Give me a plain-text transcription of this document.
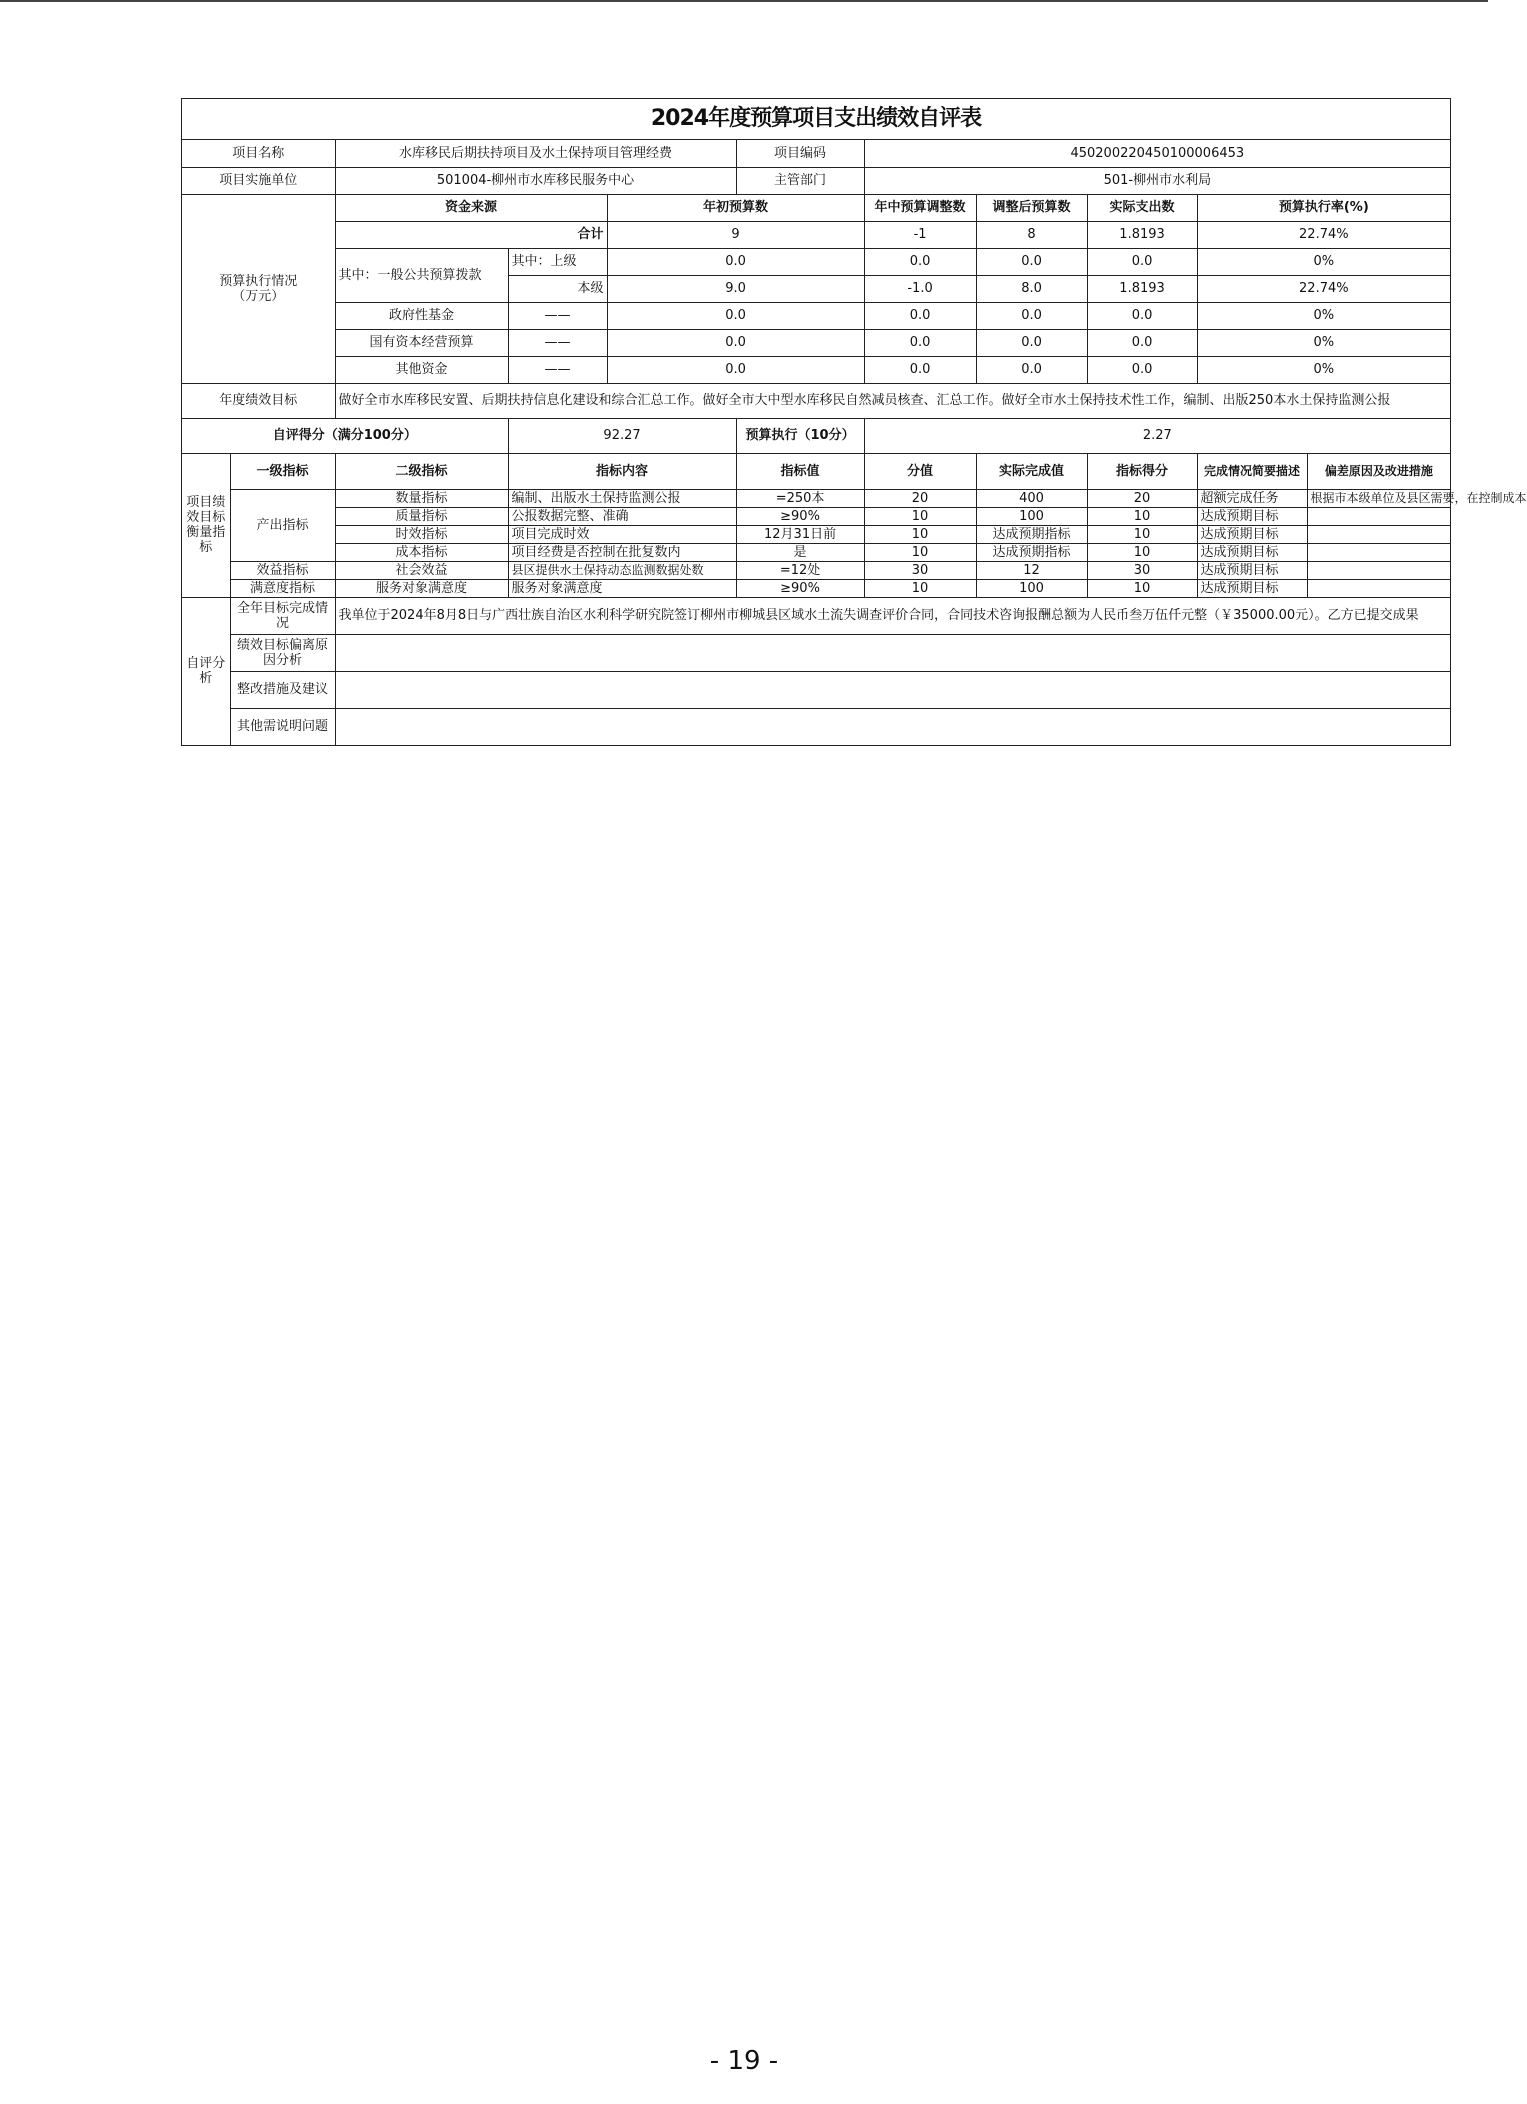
2024年度预算项目支出绩效自评表
项目名称		水库移民后期扶持项目及水土保持项目管理经费			项目编码	450200220450100006453				
项目实施单位		501004-柳州市水库移民服务中心			主管部门	501-柳州市水利局				
预算执行情况
（万元）		资金来源		年初预算数		年中预算调整数	调整后预算数	实际支出数	预算执行率(%)	
		合计		9		-1	8	1.8193	22.74%	
		其中：一般公共预算拨款	其中：上级	0.0		0.0	0.0	0.0	0%	
			本级	9.0		-1.0	8.0	1.8193	22.74%	
		政府性基金	——	0.0		0.0	0.0	0.0	0%	
		国有资本经营预算	——	0.0		0.0	0.0	0.0	0%	
		其他资金	——	0.0		0.0	0.0	0.0	0%	
年度绩效目标		做好全市水库移民安置、后期扶持信息化建设和综合汇总工作。做好全市大中型水库移民自然减员核查、汇总工作。做好全市水土保持技术性工作，编制、出版250本水土保持监测公报								
自评得分（满分100分）			92.27		预算执行（10分）	2.27				
项目绩效目标衡量指标	一级指标	二级指标	指标内容		指标值	分值	实际完成值	指标得分	完成情况简要描述	偏差原因及改进措施
	产出指标	数量指标	编制、出版水土保持监测公报		=250本	20	400	20	超额完成任务	根据市本级单位及县区需要，在控制成本
		质量指标	公报数据完整、准确		≥90%	10	100	10	达成预期目标	
		时效指标	项目完成时效		12月31日前	10	达成预期指标	10	达成预期目标	
		成本指标	项目经费是否控制在批复数内		是	10	达成预期指标	10	达成预期目标	
	效益指标	社会效益	县区提供水土保持动态监测数据处数		=12处	30	12	30	达成预期目标	
	满意度指标	服务对象满意度	服务对象满意度		≥90%	10	100	10	达成预期目标	
自评分析	全年目标完成情况	我单位于2024年8月8日与广西壮族自治区水利科学研究院签订柳州市柳城县区域水土流失调查评价合同，合同技术咨询报酬总额为人民币叁万伍仟元整（￥35000.00元）。乙方已提交成果								
	绩效目标偏离原因分析									
	整改措施及建议									
	其他需说明问题									
- 19 -
